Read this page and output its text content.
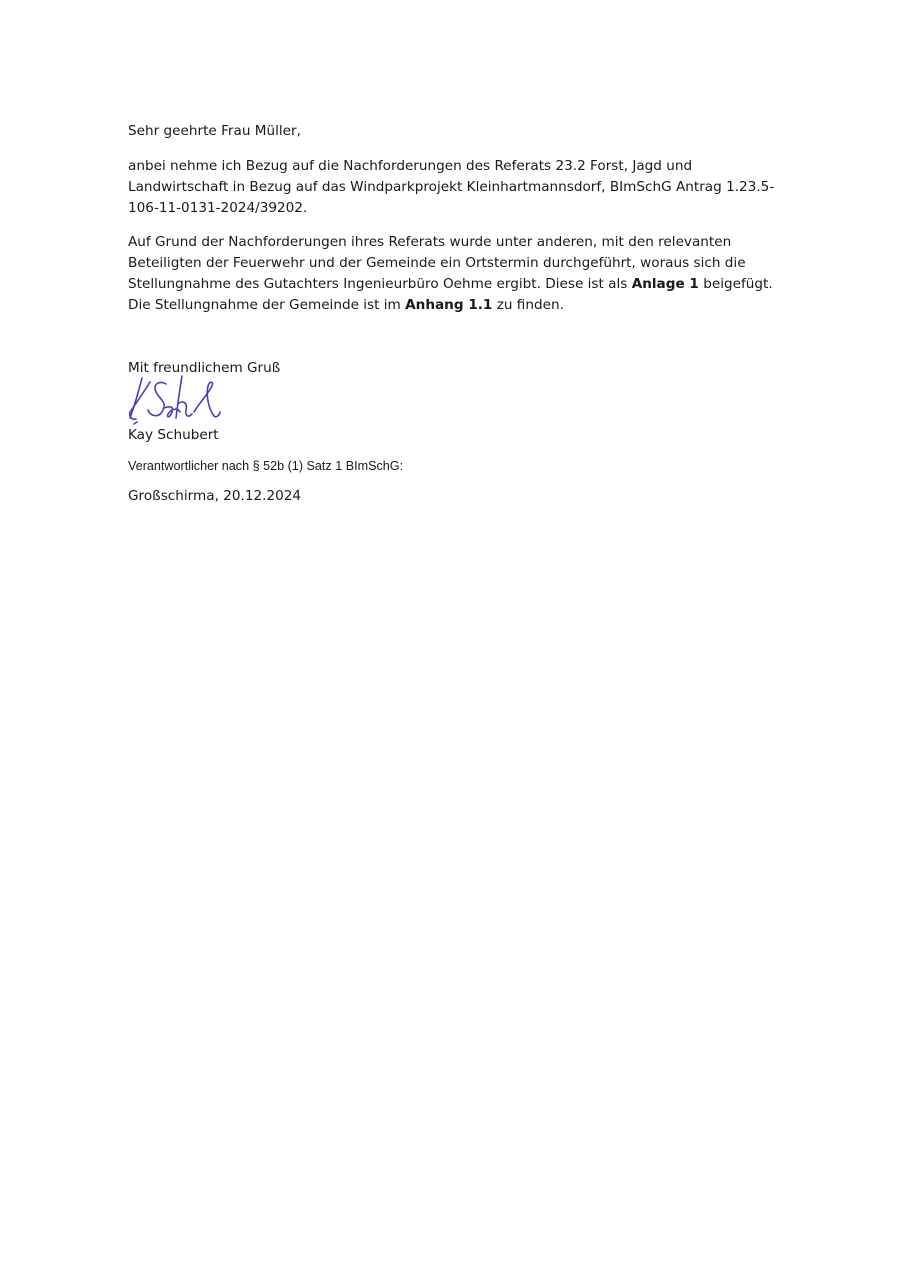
Sehr geehrte Frau Müller,

anbei nehme ich Bezug auf die Nachforderungen des Referats 23.2 Forst, Jagd und Landwirtschaft in Bezug auf das Windparkprojekt Kleinhartmannsdorf, BImSchG Antrag 1.23.5-106-11-0131-2024/39202.

Auf Grund der Nachforderungen ihres Referats wurde unter anderen, mit den relevanten Beteiligten der Feuerwehr und der Gemeinde ein Ortstermin durchgeführt, woraus sich die Stellungnahme des Gutachters Ingenieurbüro Oehme ergibt. Diese ist als Anlage 1 beigefügt. Die Stellungnahme der Gemeinde ist im Anhang 1.1 zu finden.

Mit freundlichem Gruß

Kay Schubert

Verantwortlicher nach § 52b (1) Satz 1 BImSchG:

Großschirma, 20.12.2024
